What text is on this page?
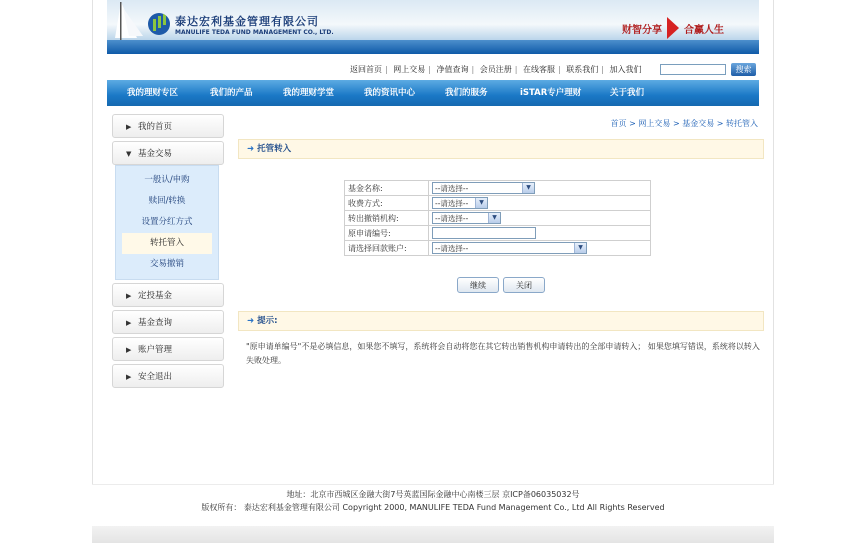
泰达宏利基金管理有限公司
MANULIFE TEDA FUND MANAGEMENT CO., LTD.	财智分享 合赢人生
返回首页 | 网上交易 | 净值查询 | 会员注册 | 在线客服 | 联系我们 | 加入我们	搜索
我的理财专区	我们的产品	我的理财学堂	我的资讯中心	我们的服务	iSTAR专户理财	关于我们
▶ 我的首页
▼ 基金交易
一般认/申购
赎回/转换
设置分红方式
转托管入
交易撤销
▶ 定投基金
▶ 基金查询
▶ 账户管理
▶ 安全退出
首页 > 网上交易 > 基金交易 > 转托管入
➜ 托管转入
基金名称:	--请选择-- ▼

收费方式:	--请选择-- ▼

转出撤销机构:	--请选择-- ▼

原申请编号:	
请选择回款账户:	--请选择-- ▼
继续	关闭
➜ 提示:
"原申请单编号"不是必填信息，如果您不填写，系统将会自动将您在其它转出销售机构申请转出的全部申请转入； 如果您填写错误，系统将以转入失败处理。
地址：北京市西城区金融大街7号英蓝国际金融中心南楼三层 京ICP备06035032号
版权所有： 泰达宏利基金管理有限公司 Copyright 2000, MANULIFE TEDA Fund Management Co., Ltd All Rights Reserved
